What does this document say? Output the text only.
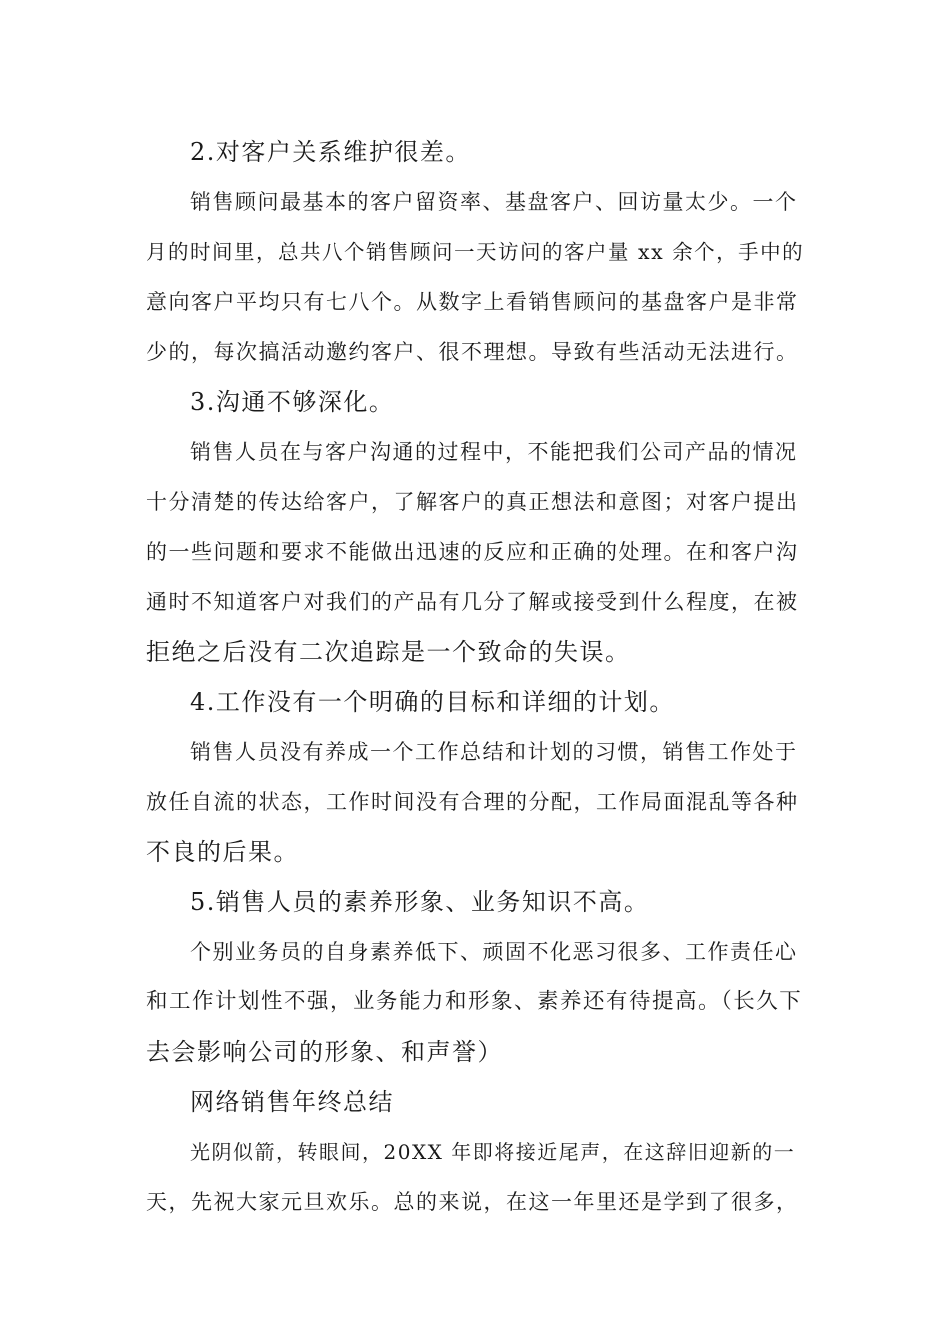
2.对客户关系维护很差。
销售顾问最基本的客户留资率、基盘客户、回访量太少。一个
月的时间里，总共八个销售顾问一天访问的客户量 xx 余个，手中的
意向客户平均只有七八个。从数字上看销售顾问的基盘客户是非常
少的，每次搞活动邀约客户、很不理想。导致有些活动无法进行。
3.沟通不够深化。
销售人员在与客户沟通的过程中，不能把我们公司产品的情况
十分清楚的传达给客户，了解客户的真正想法和意图；对客户提出
的一些问题和要求不能做出迅速的反应和正确的处理。在和客户沟
通时不知道客户对我们的产品有几分了解或接受到什么程度，在被
拒绝之后没有二次追踪是一个致命的失误。
4.工作没有一个明确的目标和详细的计划。
销售人员没有养成一个工作总结和计划的习惯，销售工作处于
放任自流的状态，工作时间没有合理的分配，工作局面混乱等各种
不良的后果。
5.销售人员的素养形象、业务知识不高。
个别业务员的自身素养低下、顽固不化恶习很多、工作责任心
和工作计划性不强，业务能力和形象、素养还有待提高。（长久下
去会影响公司的形象、和声誉）
网络销售年终总结
光阴似箭，转眼间，20XX 年即将接近尾声，在这辞旧迎新的一
天，先祝大家元旦欢乐。总的来说，在这一年里还是学到了很多，
